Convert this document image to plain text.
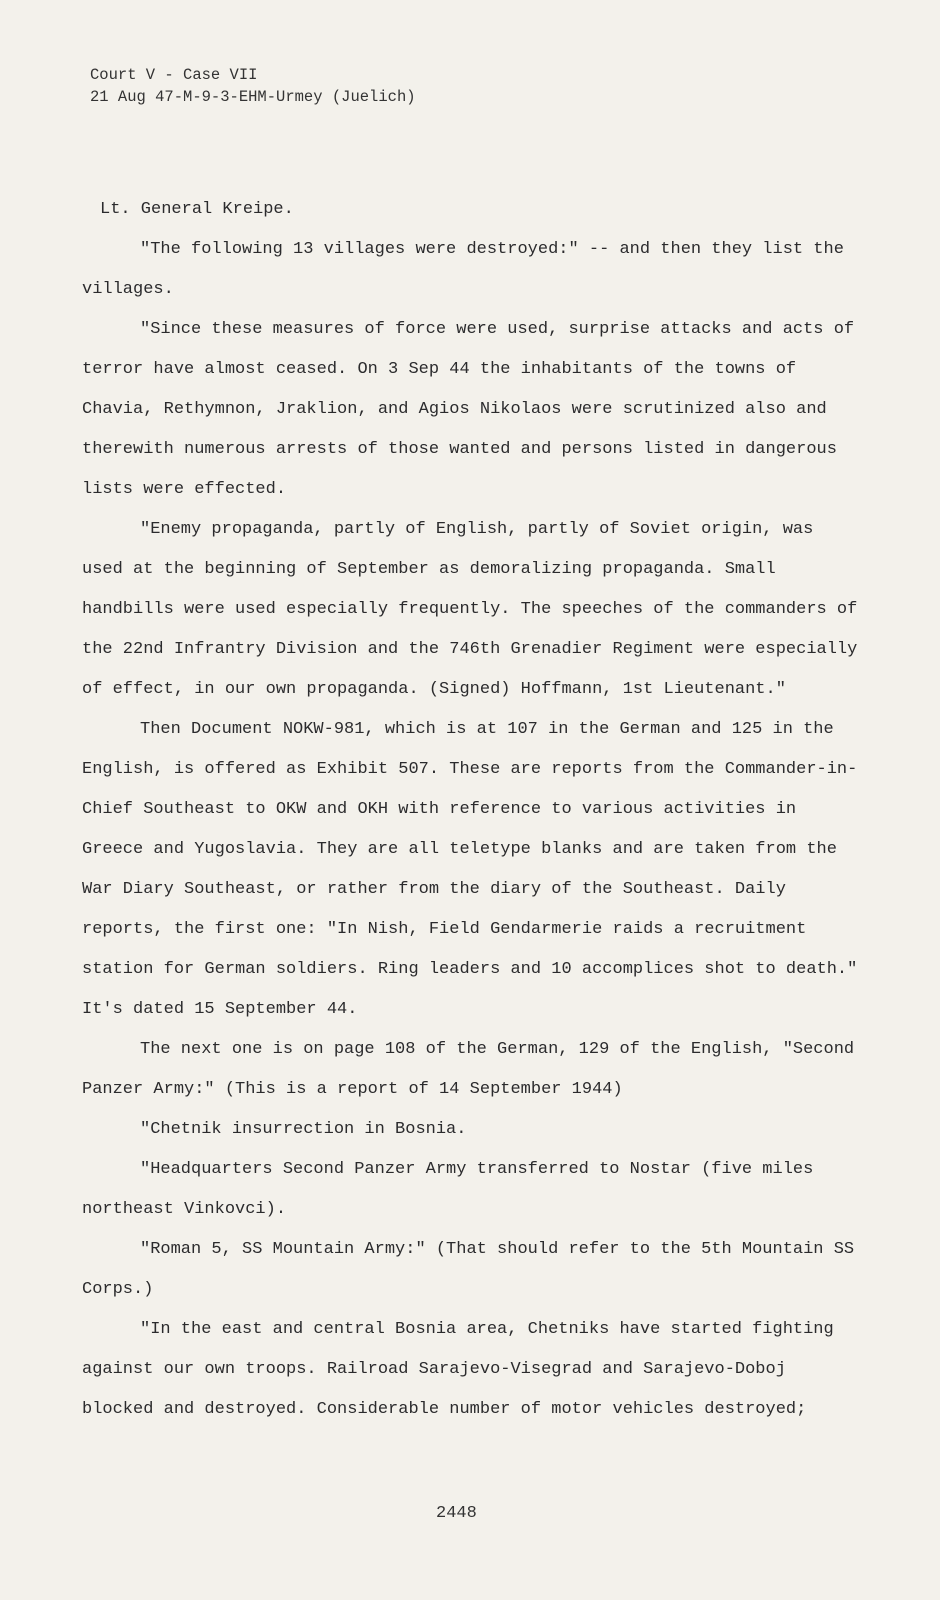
Court V - Case VII
21 Aug 47-M-9-3-EHM-Urmey (Juelich)

Lt. General Kreipe.

"The following 13 villages were destroyed:" -- and then they list the villages.

"Since these measures of force were used, surprise attacks and acts of terror have almost ceased. On 3 Sep 44 the inhabitants of the towns of Chavia, Rethymnon, Jraklion, and Agios Nikolaos were scrutinized also and therewith numerous arrests of those wanted and persons listed in dangerous lists were effected.

"Enemy propaganda, partly of English, partly of Soviet origin, was used at the beginning of September as demoralizing propaganda. Small handbills were used especially frequently. The speeches of the commanders of the 22nd Infrantry Division and the 746th Grenadier Regiment were especially of effect, in our own propaganda. (Signed) Hoffmann, 1st Lieutenant."

Then Document NOKW-981, which is at 107 in the German and 125 in the English, is offered as Exhibit 507. These are reports from the Commander-in-Chief Southeast to OKW and OKH with reference to various activities in Greece and Yugoslavia. They are all teletype blanks and are taken from the War Diary Southeast, or rather from the diary of the Southeast. Daily reports, the first one: "In Nish, Field Gendarmerie raids a recruitment station for German soldiers. Ring leaders and 10 accomplices shot to death." It's dated 15 September 44.

The next one is on page 108 of the German, 129 of the English, "Second Panzer Army:" (This is a report of 14 September 1944)

"Chetnik insurrection in Bosnia.

"Headquarters Second Panzer Army transferred to Nostar (five miles northeast Vinkovci).

"Roman 5, SS Mountain Army:" (That should refer to the 5th Mountain SS Corps.)

"In the east and central Bosnia area, Chetniks have started fighting against our own troops. Railroad Sarajevo-Visegrad and Sarajevo-Doboj blocked and destroyed. Considerable number of motor vehicles destroyed;

2448
